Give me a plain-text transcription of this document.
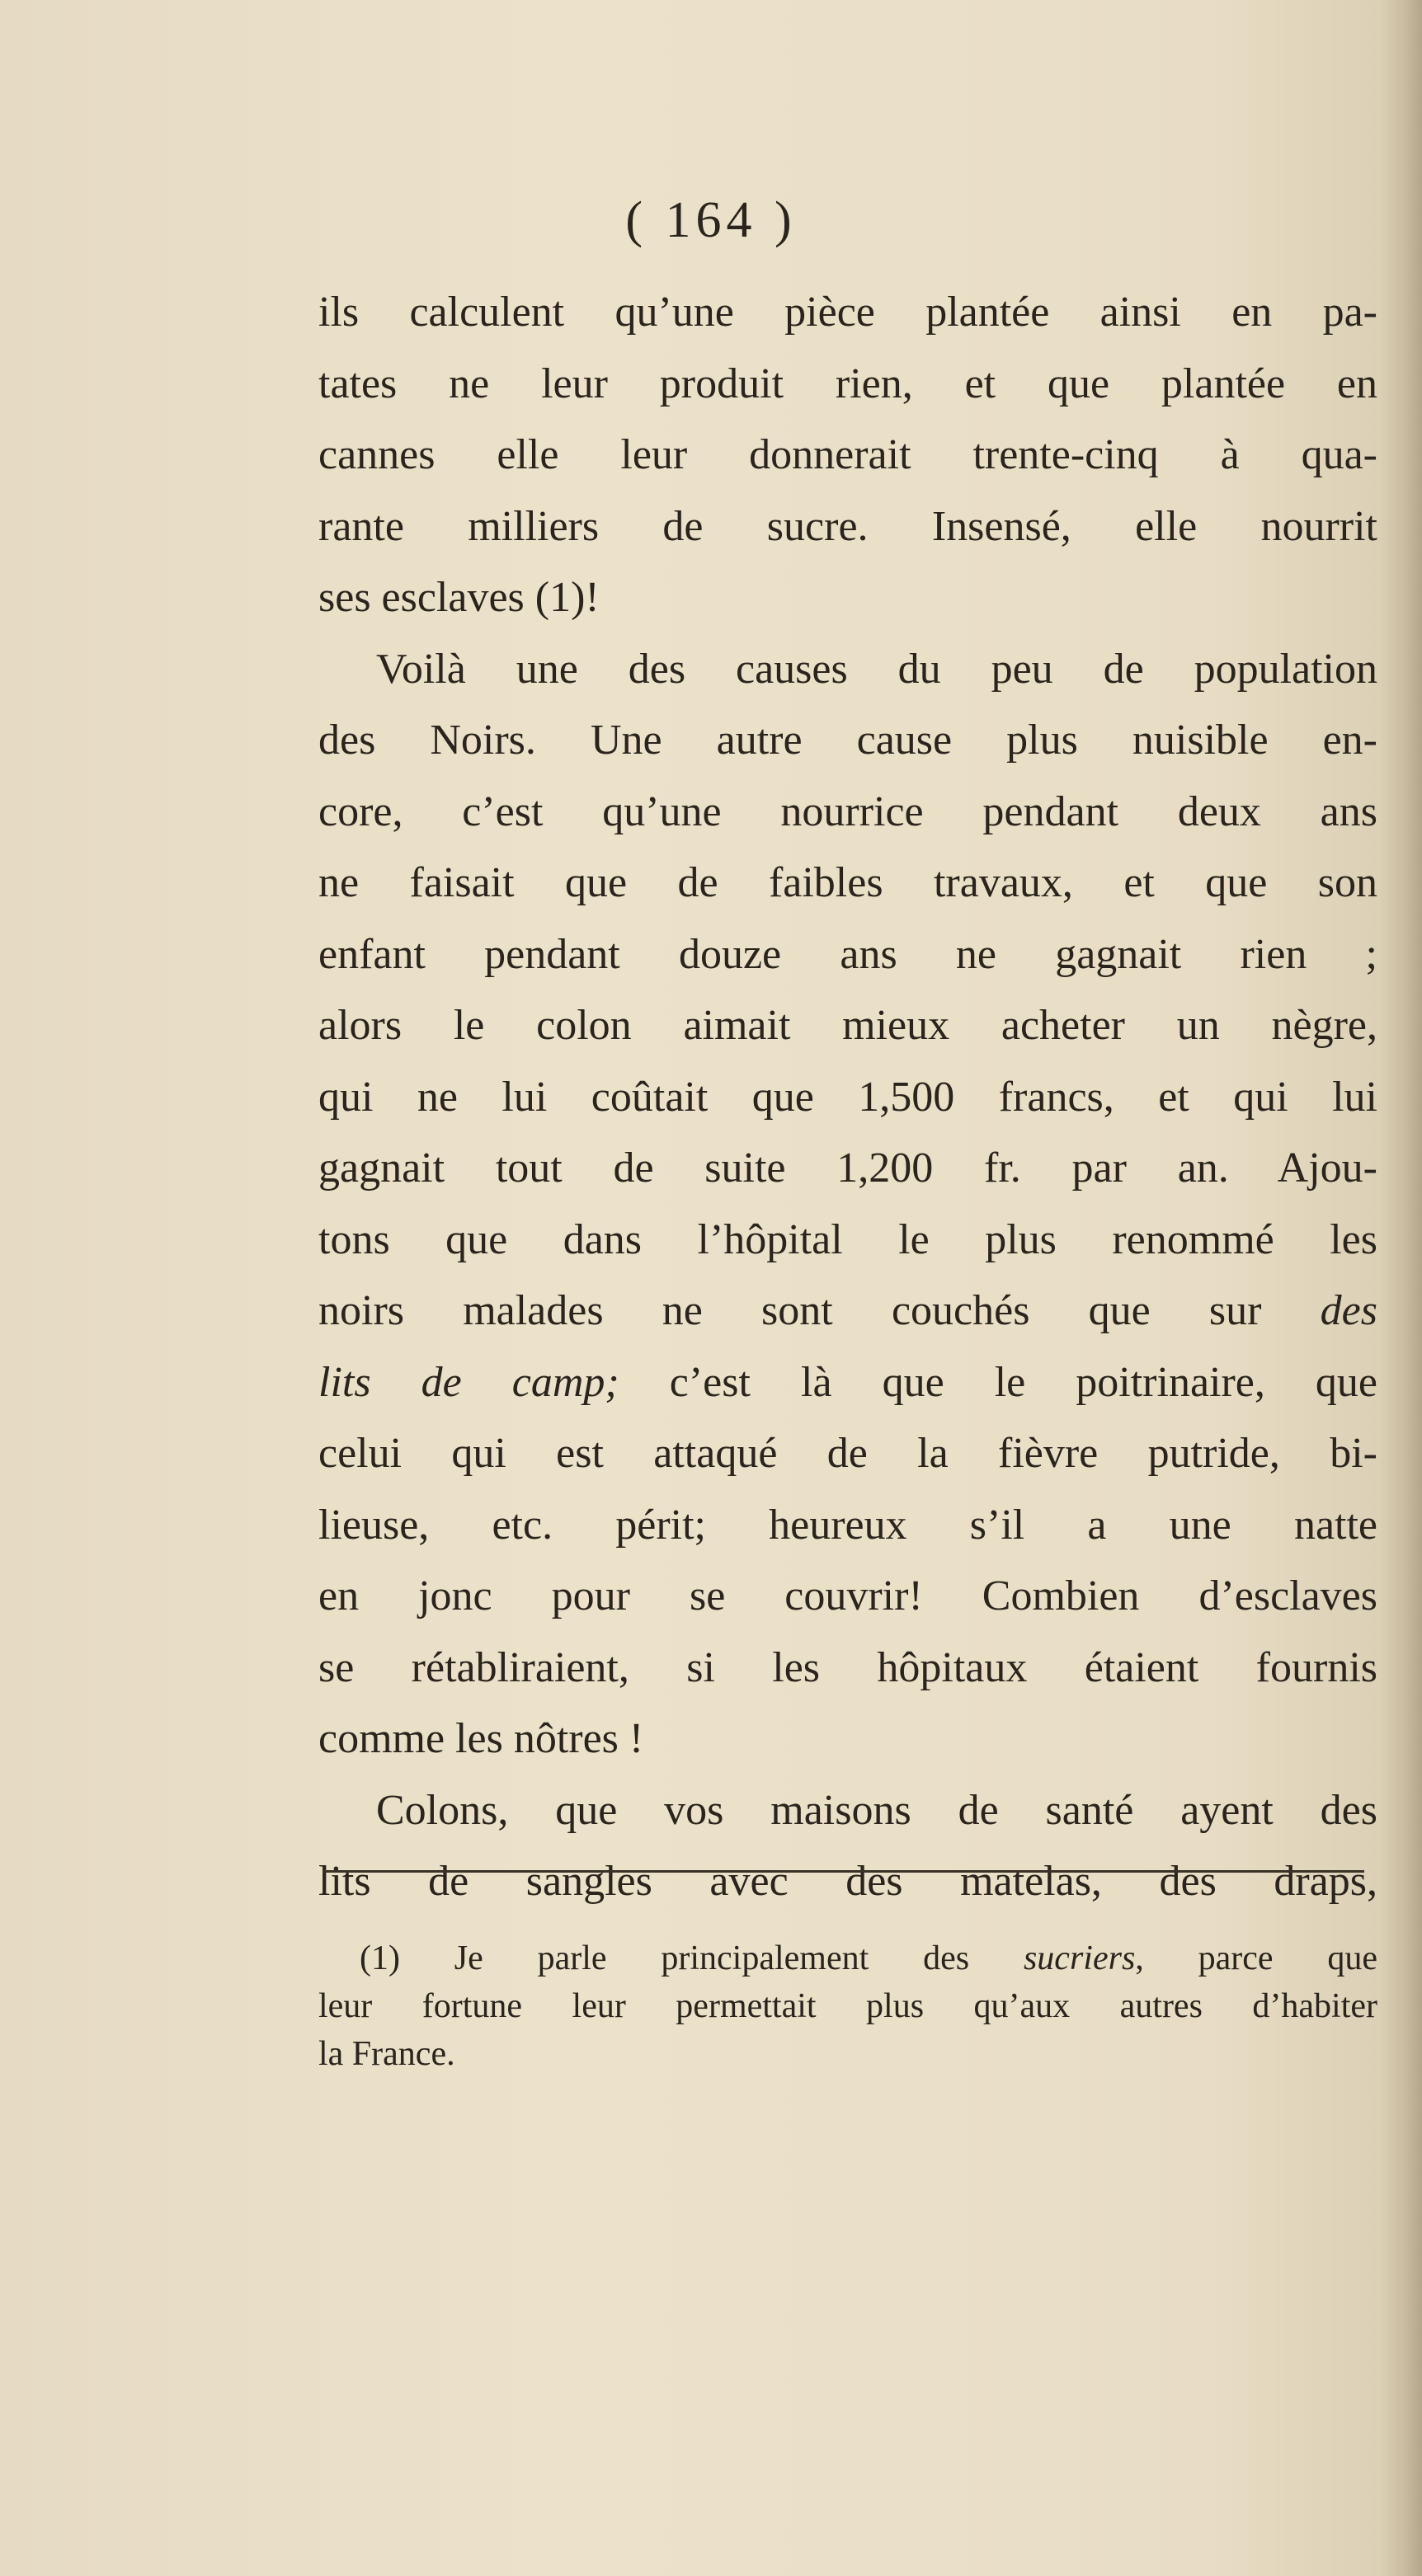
( 164 )
ils calculent qu’une pièce plantée ainsi en pa-
tates ne leur produit rien, et que plantée en
cannes elle leur donnerait trente-cinq à qua-
rante milliers de sucre. Insensé, elle nourrit
ses esclaves (1)!
Voilà une des causes du peu de population
des Noirs. Une autre cause plus nuisible en-
core, c’est qu’une nourrice pendant deux ans
ne faisait que de faibles travaux, et que son
enfant pendant douze ans ne gagnait rien ;
alors le colon aimait mieux acheter un nègre,
qui ne lui coûtait que 1,500 francs, et qui lui
gagnait tout de suite 1,200 fr. par an. Ajou-
tons que dans l’hôpital le plus renommé les
noirs malades ne sont couchés que sur des
lits de camp; c’est là que le poitrinaire, que
celui qui est attaqué de la fièvre putride, bi-
lieuse, etc. périt; heureux s’il a une natte
en jonc pour se couvrir! Combien d’esclaves
se rétabliraient, si les hôpitaux étaient fournis
comme les nôtres !
Colons, que vos maisons de santé ayent des
lits de sangles avec des matelas, des draps,
(1) Je parle principalement des sucriers, parce que
leur fortune leur permettait plus qu’aux autres d’habiter
la France.
